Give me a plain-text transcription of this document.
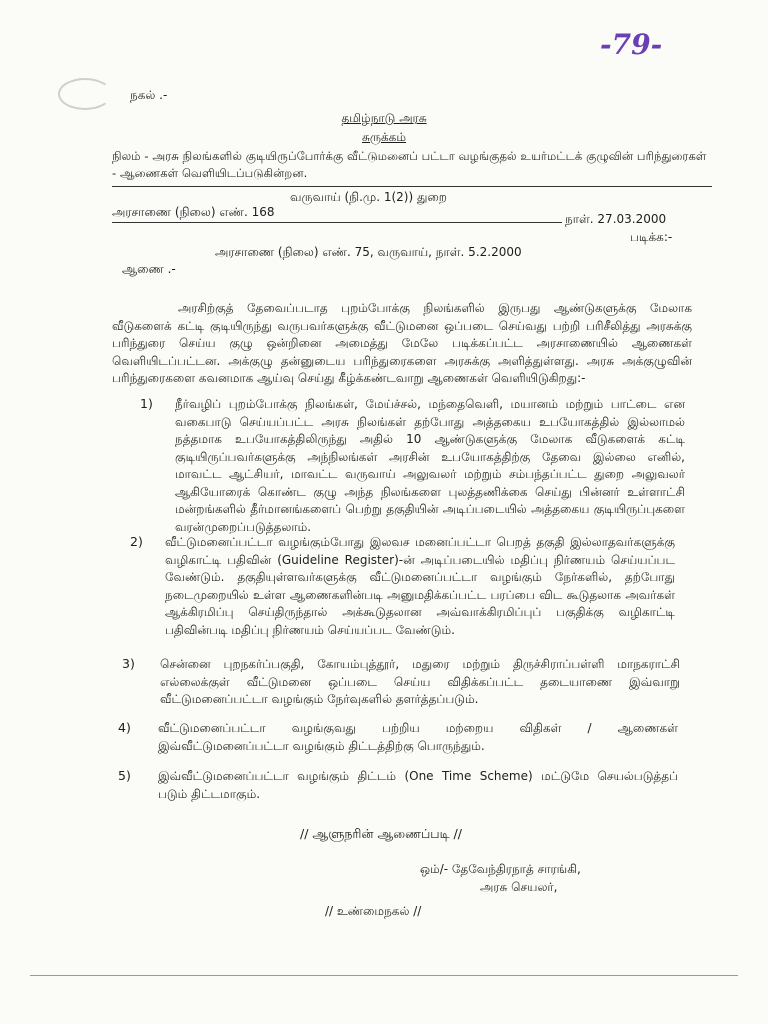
-79-
நகல் .-
தமிழ்நாடு அரசு
சுருக்கம்
நிலம் - அரசு நிலங்களில் குடியிருப்போர்க்கு வீட்டுமனைப் பட்டா வழங்குதல் உயர்மட்டக் குழுவின் பரிந்துரைகள் - ஆணைகள் வெளியிடப்படுகின்றன.
வருவாய் (நி.மு. 1(2)) துறை
அரசாணை (நிலை) எண். 168	நாள். 27.03.2000
படிக்க:-
அரசாணை (நிலை) எண். 75, வருவாய், நாள். 5.2.2000
ஆணை .-
அரசிற்குத் தேவைப்படாத புறம்போக்கு நிலங்களில் இருபது ஆண்டுகளுக்கு மேலாக வீடுகளைக் கட்டி குடியிருந்து வருபவர்களுக்கு வீட்டுமனை ஒப்படை செய்வது பற்றி பரிசீலித்து அரசுக்கு பரிந்துரை செய்ய குழு ஒன்றினை அமைத்து மேலே படிக்கப்பட்ட அரசாணையில் ஆணைகள் வெளியிடப்பட்டன. அக்குழு தன்னுடைய பரிந்துரைகளை அரசுக்கு அளித்துள்ளது. அரசு அக்குழுவின் பரிந்துரைகளை கவனமாக ஆய்வு செய்து கீழ்க்கண்டவாறு ஆணைகள் வெளியிடுகிறது:-
1) நீர்வழிப் புறம்போக்கு நிலங்கள், மேய்ச்சல், மந்தைவெளி, மயானம் மற்றும் பாட்டை என வகைபாடு செய்யப்பட்ட அரசு நிலங்கள் தற்போது அத்தகைய உபயோகத்தில் இல்லாமல் நத்தமாக உபயோகத்திலிருந்து அதில் 10 ஆண்டுகளுக்கு மேலாக வீடுகளைக் கட்டி குடியிருப்பவர்களுக்கு அந்நிலங்கள் அரசின் உபயோகத்திற்கு தேவை இல்லை எனில், மாவட்ட ஆட்சியர், மாவட்ட வருவாய் அலுவலர் மற்றும் சம்பந்தப்பட்ட துறை அலுவலர் ஆகியோரைக் கொண்ட குழு அந்த நிலங்களை புலத்தணிக்கை செய்து பின்னர் உள்ளாட்சி மன்றங்களில் தீர்மானங்களைப் பெற்று தகுதியின் அடிப்படையில் அத்தகைய குடியிருப்புகளை வரன்முறைப்படுத்தலாம்.
2) வீட்டுமனைப்பட்டா வழங்கும்போது இலவச மனைப்பட்டா பெறத் தகுதி இல்லாதவர்களுக்கு வழிகாட்டி பதிவின் (Guideline Register)-ன் அடிப்படையில் மதிப்பு நிர்ணயம் செய்யப்பட வேண்டும். தகுதியுள்ளவர்களுக்கு வீட்டுமனைப்பட்டா வழங்கும் நேர்களில், தற்போது நடைமுறையில் உள்ள ஆணைகளின்படி அனுமதிக்கப்பட்ட பரப்பை விட கூடுதலாக அவர்கள் ஆக்கிரமிப்பு செய்திருந்தால் அக்கூடுதலான அவ்வாக்கிரமிப்புப் பகுதிக்கு வழிகாட்டி பதிவின்படி மதிப்பு நிர்ணயம் செய்யப்பட வேண்டும்.
3) சென்னை புறநகர்ப்பகுதி, கோயம்புத்தூர், மதுரை மற்றும் திருச்சிராப்பள்ளி மாநகராட்சி எல்லைக்குள் வீட்டுமனை ஒப்படை செய்ய விதிக்கப்பட்ட தடையாணை இவ்வாறு வீட்டுமனைப்பட்டா வழங்கும் நேர்வுகளில் தளர்த்தப்படும்.
4) வீட்டுமனைப்பட்டா வழங்குவது பற்றிய மற்றைய விதிகள் / ஆணைகள் இவ்வீட்டுமனைப்பட்டா வழங்கும் திட்டத்திற்கு பொருந்தும்.
5) இவ்வீட்டுமனைப்பட்டா வழங்கும் திட்டம் (One Time Scheme) மட்டுமே செயல்படுத்தப் படும் திட்டமாகும்.
// ஆளுநரின் ஆணைப்படி //
ஒம்/- தேவேந்திரநாத் சாரங்கி,
அரசு செயலர்,
// உண்மைநகல் //
